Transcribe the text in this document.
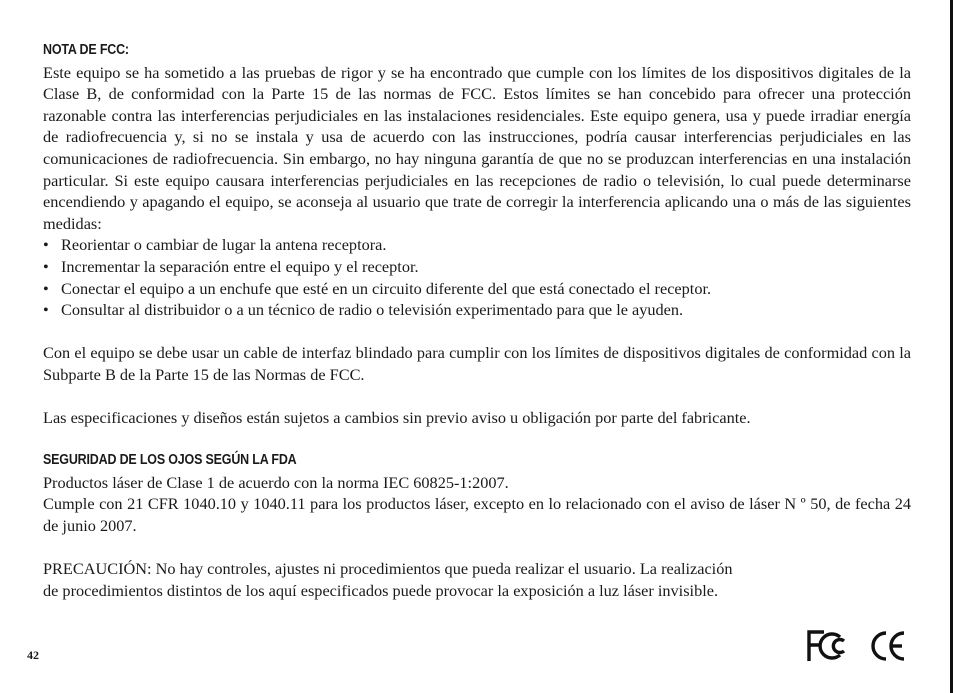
NOTA DE FCC:

Este equipo se ha sometido a las pruebas de rigor y se ha encontrado que cumple con los límites de los dispositivos digitales de la Clase B, de conformidad con la Parte 15 de las normas de FCC. Estos límites se han concebido para ofrecer una protección razonable contra las interferencias perjudiciales en las instalaciones residenciales. Este equipo genera, usa y puede irradiar energía de radiofrecuencia y, si no se instala y usa de acuerdo con las instrucciones, podría causar interferencias perjudiciales en las comunicaciones de radiofrecuencia. Sin embargo, no hay ninguna garantía de que no se produzcan interferencias en una instalación particular. Si este equipo causara interferencias perjudiciales en las recepciones de radio o televisión, lo cual puede determinarse encendiendo y apagando el equipo, se aconseja al usuario que trate de corregir la interferencia aplicando una o más de las siguientes medidas:

• Reorientar o cambiar de lugar la antena receptora.
• Incrementar la separación entre el equipo y el receptor.
• Conectar el equipo a un enchufe que esté en un circuito diferente del que está conectado el receptor.
• Consultar al distribuidor o a un técnico de radio o televisión experimentado para que le ayuden.

Con el equipo se debe usar un cable de interfaz blindado para cumplir con los límites de dispositivos digitales de conformidad con la Subparte B de la Parte 15 de las Normas de FCC.

Las especificaciones y diseños están sujetos a cambios sin previo aviso u obligación por parte del fabricante.

SEGURIDAD DE LOS OJOS SEGÚN LA FDA

Productos láser de Clase 1 de acuerdo con la norma IEC 60825-1:2007.

Cumple con 21 CFR 1040.10 y 1040.11 para los productos láser, excepto en lo relacionado con el aviso de láser N º 50, de fecha 24 de junio 2007.

PRECAUCIÓN: No hay controles, ajustes ni procedimientos que pueda realizar el usuario. La realización

de procedimientos distintos de los aquí especificados puede provocar la exposición a luz láser invisible.

42
